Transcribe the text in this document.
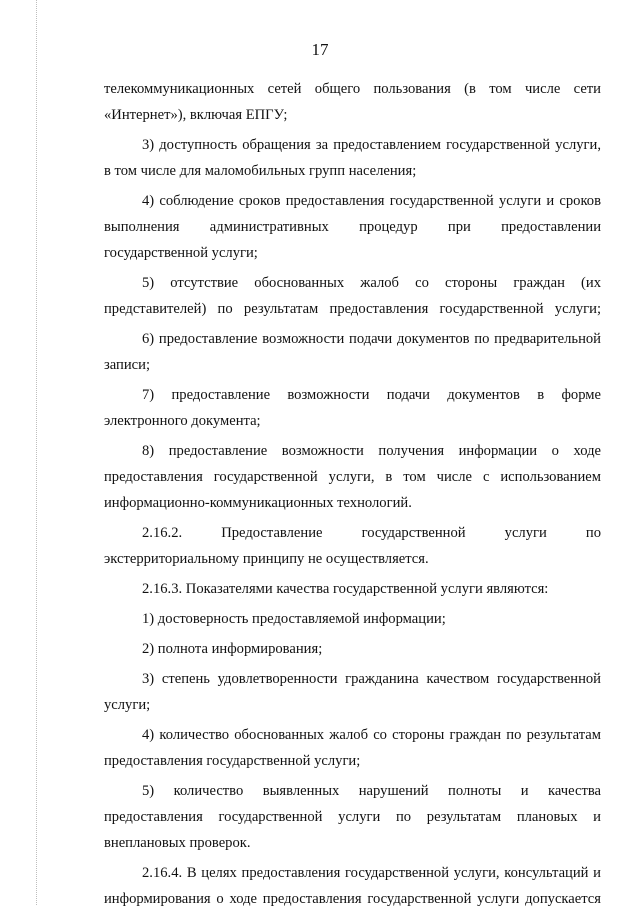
17
телекоммуникационных сетей общего пользования (в том числе сети
«Интернет»), включая ЕПГУ;
3) доступность обращения за предоставлением государственной услуги,
в том числе для маломобильных групп населения;
4) соблюдение сроков предоставления государственной услуги и сроков
выполнения административных процедур при предоставлении
государственной услуги;
5) отсутствие обоснованных жалоб со стороны граждан (их
представителей) по результатам предоставления государственной услуги;
6) предоставление возможности подачи документов по предварительной
записи;
7) предоставление возможности подачи документов в форме
электронного документа;
8) предоставление возможности получения информации о ходе
предоставления государственной услуги, в том числе с использованием
информационно-коммуникационных технологий.
2.16.2. Предоставление государственной услуги по
экстерриториальному принципу не осуществляется.
2.16.3. Показателями качества государственной услуги являются:
1) достоверность предоставляемой информации;
2) полнота информирования;
3) степень удовлетворенности гражданина качеством государственной
услуги;
4) количество обоснованных жалоб со стороны граждан по результатам
предоставления государственной услуги;
5) количество выявленных нарушений полноты и качества
предоставления государственной услуги по результатам плановых и
внеплановых проверок.
2.16.4. В целях предоставления государственной услуги, консультаций и
информирования о ходе предоставления государственной услуги допускается
